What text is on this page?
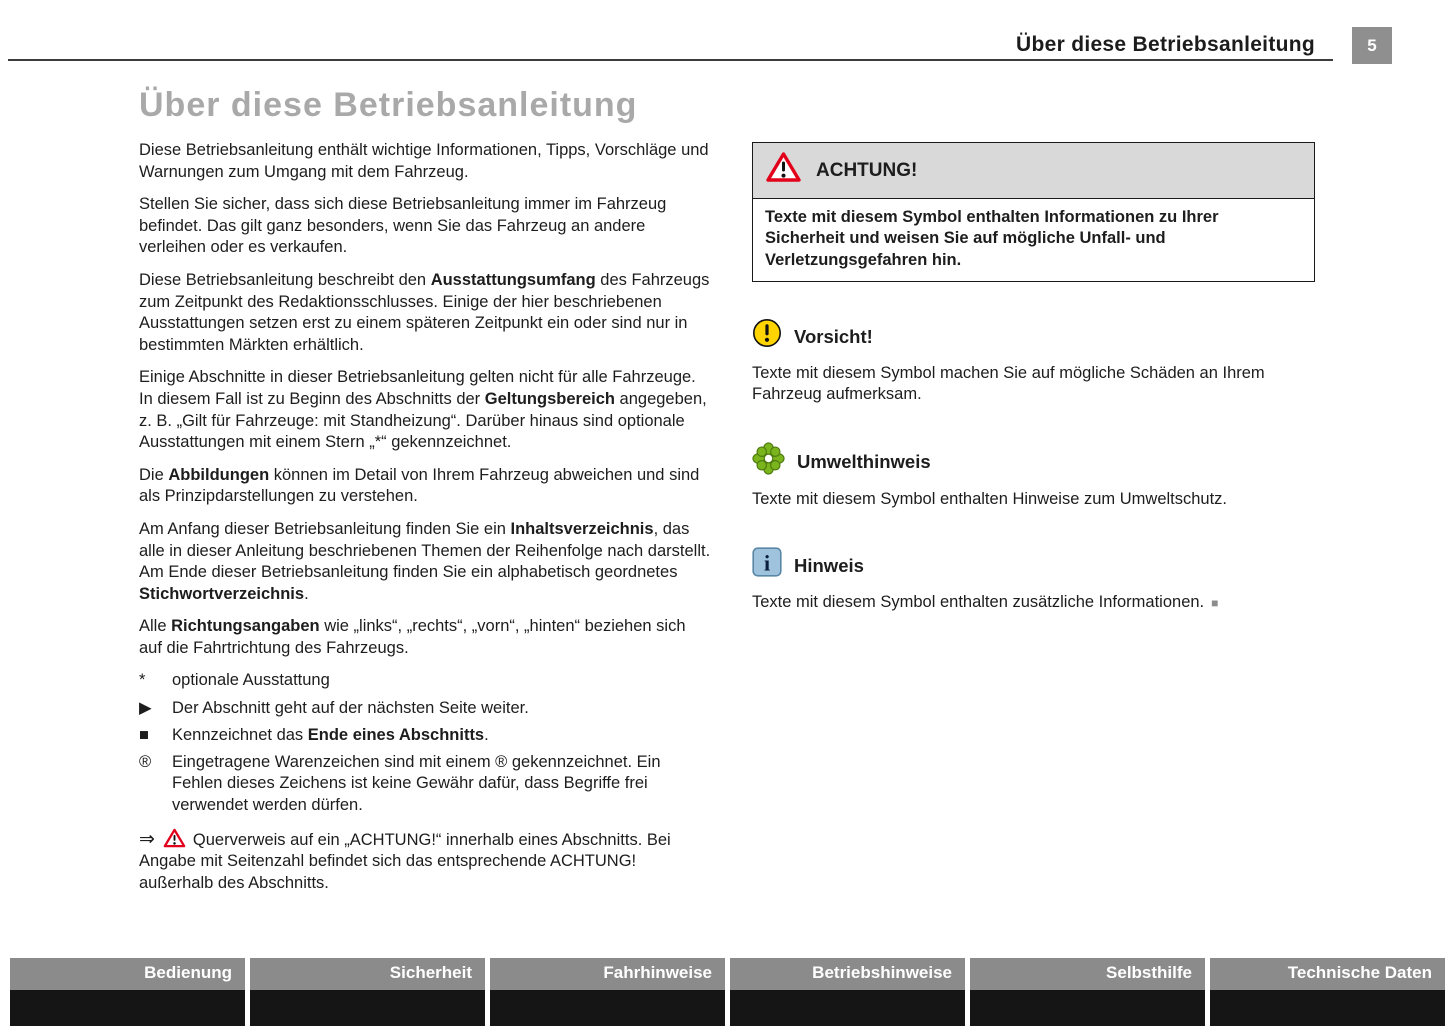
Über diese Betriebsanleitung	5
Über diese Betriebsanleitung

Diese Betriebsanleitung enthält wichtige Informationen, Tipps, Vorschläge und Warnungen zum Umgang mit dem Fahrzeug.

Stellen Sie sicher, dass sich diese Betriebsanleitung immer im Fahrzeug befindet. Das gilt ganz besonders, wenn Sie das Fahrzeug an andere verleihen oder es verkaufen.

Diese Betriebsanleitung beschreibt den Ausstattungsumfang des Fahrzeugs zum Zeitpunkt des Redaktionsschlusses. Einige der hier beschriebenen Ausstattungen setzen erst zu einem späteren Zeitpunkt ein oder sind nur in bestimmten Märkten erhältlich.

Einige Abschnitte in dieser Betriebsanleitung gelten nicht für alle Fahrzeuge. In diesem Fall ist zu Beginn des Abschnitts der Geltungsbereich angegeben, z. B. „Gilt für Fahrzeuge: mit Standheizung“. Darüber hinaus sind optionale Ausstattungen mit einem Stern „*“ gekennzeichnet.

Die Abbildungen können im Detail von Ihrem Fahrzeug abweichen und sind als Prinzipdarstellungen zu verstehen.

Am Anfang dieser Betriebsanleitung finden Sie ein Inhaltsverzeichnis, das alle in dieser Anleitung beschriebenen Themen der Reihenfolge nach darstellt. Am Ende dieser Betriebsanleitung finden Sie ein alphabetisch geordnetes Stichwortverzeichnis.

Alle Richtungsangaben wie „links“, „rechts“, „vorn“, „hinten“ beziehen sich auf die Fahrtrichtung des Fahrzeugs.

*	optionale Ausstattung
▶	Der Abschnitt geht auf der nächsten Seite weiter.
■	Kennzeichnet das Ende eines Abschnitts.
®	Eingetragene Warenzeichen sind mit einem ® gekennzeichnet. Ein Fehlen dieses Zeichens ist keine Gewähr dafür, dass Begriffe frei verwendet werden dürfen.

⇒ Querverweis auf ein „ACHTUNG!“ innerhalb eines Abschnitts. Bei Angabe mit Seitenzahl befindet sich das entsprechende ACHTUNG! außerhalb des Abschnitts.

ACHTUNG!
Texte mit diesem Symbol enthalten Informationen zu Ihrer Sicherheit und weisen Sie auf mögliche Unfall- und Verletzungsgefahren hin.
Vorsicht!
Texte mit diesem Symbol machen Sie auf mögliche Schäden an Ihrem Fahrzeug aufmerksam.
Umwelthinweis
Texte mit diesem Symbol enthalten Hinweise zum Umweltschutz.
i Hinweis
Texte mit diesem Symbol enthalten zusätzliche Informationen. ■
Bedienung	Sicherheit	Fahrhinweise	Betriebshinweise	Selbsthilfe	Technische Daten
